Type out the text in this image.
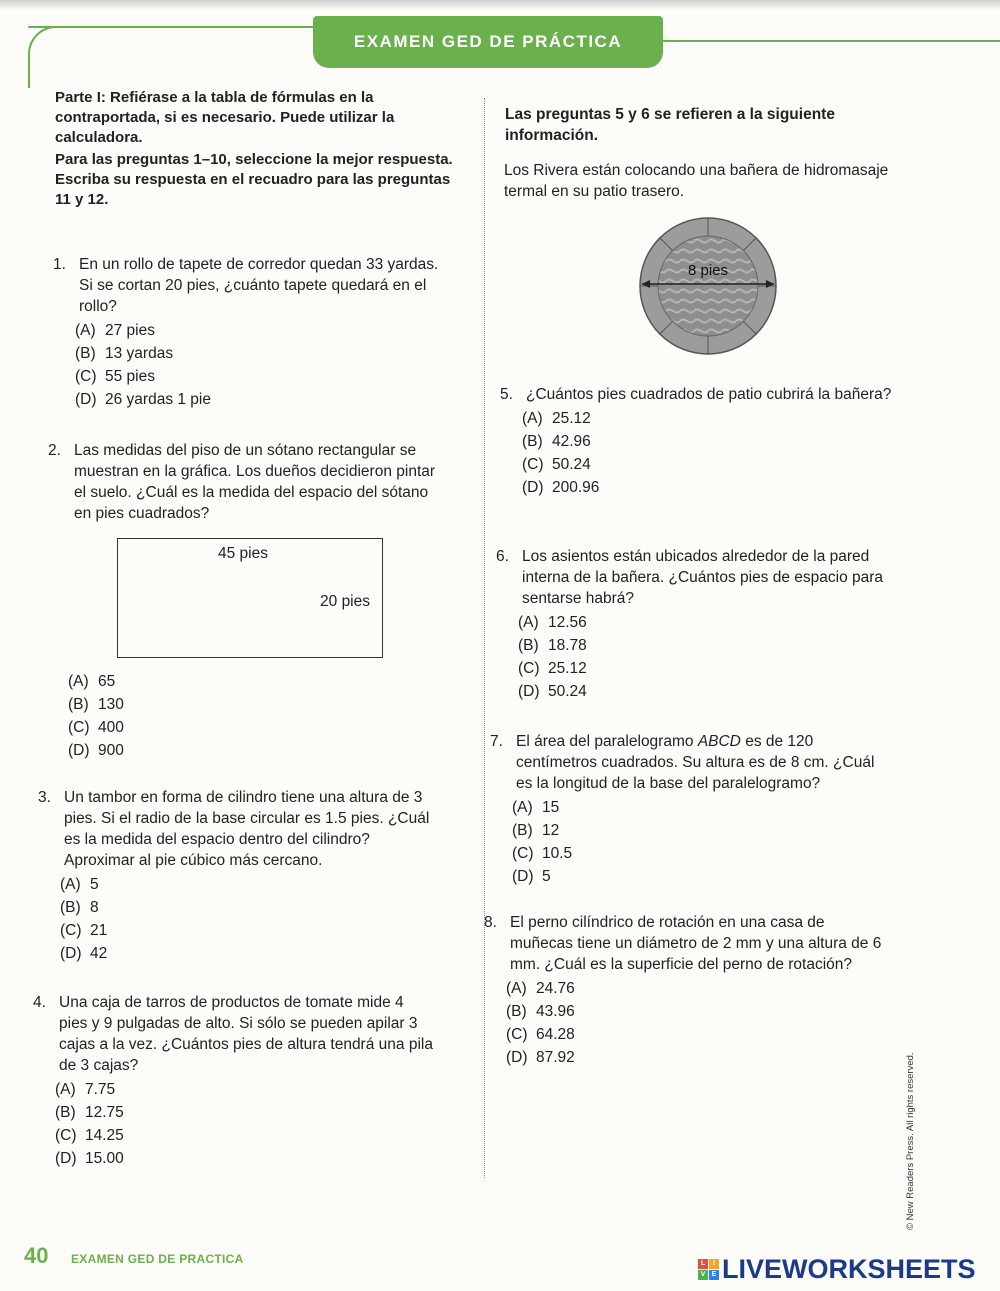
EXAMEN GED DE PRÁCTICA

Parte I: Refiérase a la tabla de fórmulas en la contraportada, si es necesario. Puede utilizar la calculadora.

Para las preguntas 1–10, seleccione la mejor respuesta. Escriba su respuesta en el recuadro para las preguntas 11 y 12.

1. En un rollo de tapete de corredor quedan 33 yardas. Si se cortan 20 pies, ¿cuánto tapete quedará en el rollo?
(A) 27 pies
(B) 13 yardas
(C) 55 pies
(D) 26 yardas 1 pie
2. Las medidas del piso de un sótano rectangular se muestran en la gráfica. Los dueños decidieron pintar el suelo. ¿Cuál es la medida del espacio del sótano en pies cuadrados?
45 pies
20 pies
(A) 65
(B) 130
(C) 400
(D) 900
3. Un tambor en forma de cilindro tiene una altura de 3 pies. Si el radio de la base circular es 1.5 pies. ¿Cuál es la medida del espacio dentro del cilindro? Aproximar al pie cúbico más cercano.
(A) 5
(B) 8
(C) 21
(D) 42
4. Una caja de tarros de productos de tomate mide 4 pies y 9 pulgadas de alto. Si sólo se pueden apilar 3 cajas a la vez. ¿Cuántos pies de altura tendrá una pila de 3 cajas?
(A) 7.75
(B) 12.75
(C) 14.25
(D) 15.00
Las preguntas 5 y 6 se refieren a la siguiente información.
Los Rivera están colocando una bañera de hidromasaje termal en su patio trasero.
8 pies
5. ¿Cuántos pies cuadrados de patio cubrirá la bañera?
(A) 25.12
(B) 42.96
(C) 50.24
(D) 200.96
6. Los asientos están ubicados alrededor de la pared interna de la bañera. ¿Cuántos pies de espacio para sentarse habrá?
(A) 12.56
(B) 18.78
(C) 25.12
(D) 50.24
7. El área del paralelogramo ABCD es de 120 centímetros cuadrados. Su altura es de 8 cm. ¿Cuál es la longitud de la base del paralelogramo?
(A) 15
(B) 12
(C) 10.5
(D) 5
8. El perno cilíndrico de rotación en una casa de muñecas tiene un diámetro de 2 mm y una altura de 6 mm. ¿Cuál es la superficie del perno de rotación?
(A) 24.76
(B) 43.96
(C) 64.28
(D) 87.92
40 EXAMEN GED DE PRACTICA
© New Readers Press. All rights reserved.
L	I
V E LIVEWORKSHEETS
